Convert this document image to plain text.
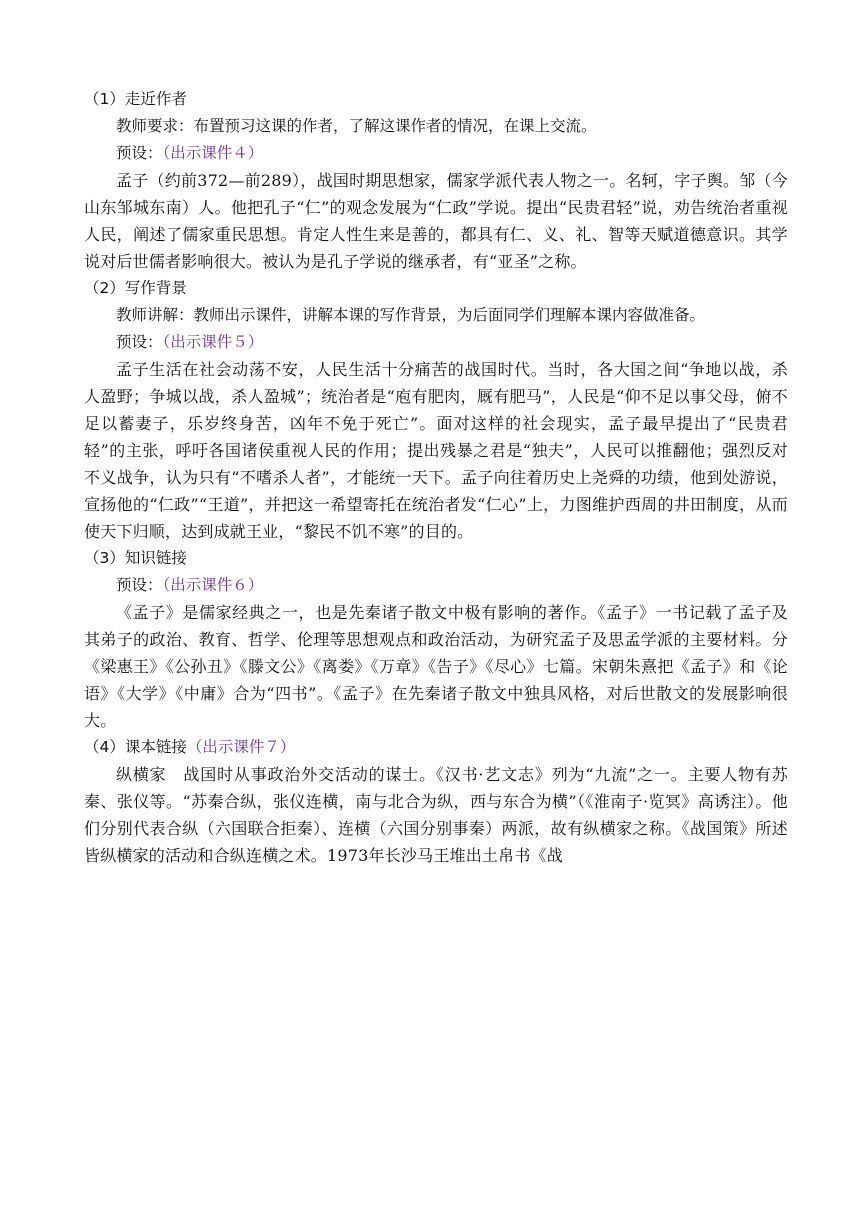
（1）走近作者
教师要求：布置预习这课的作者，了解这课作者的情况，在课上交流。
预设：（出示课件４）
孟子（约前372—前289），战国时期思想家，儒家学派代表人物之一。名轲，字子舆。邹（今山东邹城东南）人。他把孔子“仁”的观念发展为“仁政”学说。提出“民贵君轻”说，劝告统治者重视人民，阐述了儒家重民思想。肯定人性生来是善的，都具有仁、义、礼、智等天赋道德意识。其学说对后世儒者影响很大。被认为是孔子学说的继承者，有“亚圣”之称。
（2）写作背景
教师讲解：教师出示课件，讲解本课的写作背景，为后面同学们理解本课内容做准备。
预设：（出示课件５）
孟子生活在社会动荡不安，人民生活十分痛苦的战国时代。当时，各大国之间“争地以战，杀人盈野；争城以战，杀人盈城”；统治者是“庖有肥肉，厩有肥马”，人民是“仰不足以事父母，俯不足以蓄妻子，乐岁终身苦，凶年不免于死亡”。面对这样的社会现实，孟子最早提出了“民贵君轻”的主张，呼吁各国诸侯重视人民的作用；提出残暴之君是“独夫”，人民可以推翻他；强烈反对不义战争，认为只有“不嗜杀人者”，才能统一天下。孟子向往着历史上尧舜的功绩，他到处游说，宣扬他的“仁政”“王道”，并把这一希望寄托在统治者发“仁心”上，力图维护西周的井田制度，从而使天下归顺，达到成就王业，“黎民不饥不寒”的目的。
（3）知识链接
预设：（出示课件６）
《孟子》是儒家经典之一，也是先秦诸子散文中极有影响的著作。《孟子》一书记载了孟子及其弟子的政治、教育、哲学、伦理等思想观点和政治活动，为研究孟子及思孟学派的主要材料。分《梁惠王》《公孙丑》《滕文公》《离娄》《万章》《告子》《尽心》七篇。宋朝朱熹把《孟子》和《论语》《大学》《中庸》合为“四书”。《孟子》在先秦诸子散文中独具风格，对后世散文的发展影响很大。
（4）课本链接（出示课件７）
纵横家　战国时从事政治外交活动的谋士。《汉书·艺文志》列为“九流”之一。主要人物有苏秦、张仪等。“苏秦合纵，张仪连横，南与北合为纵，西与东合为横”（《淮南子·览冥》高诱注）。他们分别代表合纵（六国联合拒秦）、连横（六国分别事秦）两派，故有纵横家之称。《战国策》所述皆纵横家的活动和合纵连横之术。1973年长沙马王堆出土帛书《战
